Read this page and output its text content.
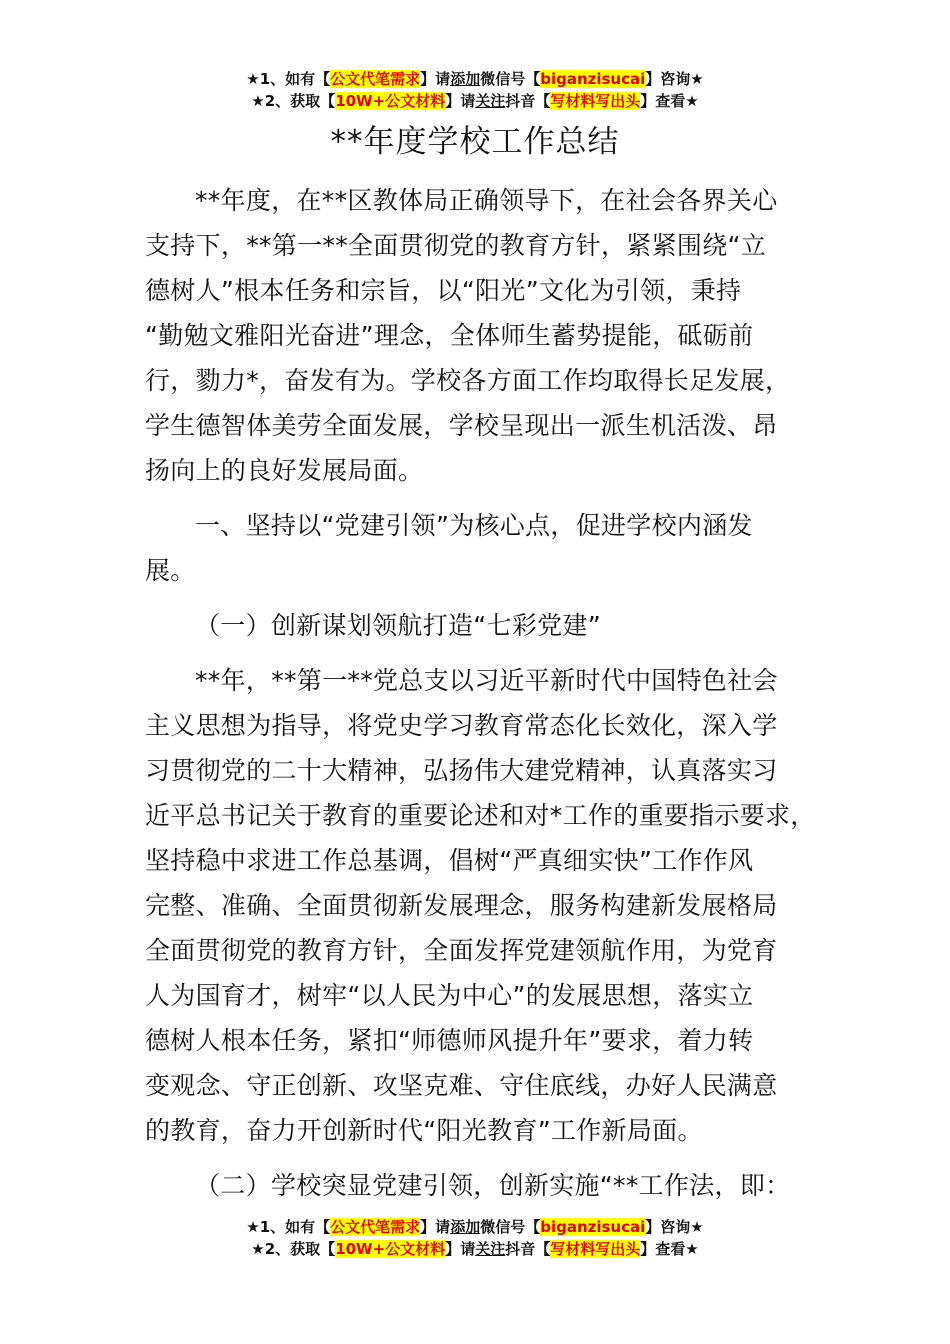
★1、如有【公文代笔需求】请添加微信号【biganzisucai】咨询★
★2、获取【10W+公文材料】请关注抖音【写材料写出头】查看★
**年度学校工作总结

**年度，在**区教体局正确领导下，在社会各界关心
支持下，**第一**全面贯彻党的教育方针，紧紧围绕“立
德树人”根本任务和宗旨，以“阳光”文化为引领，秉持
“勤勉文雅阳光奋进”理念，全体师生蓄势提能，砥砺前
行，勠力*，奋发有为。学校各方面工作均取得长足发展，
学生德智体美劳全面发展，学校呈现出一派生机活泼、昂
扬向上的良好发展局面。

一、坚持以“党建引领”为核心点，促进学校内涵发
展。

（一）创新谋划领航打造“七彩党建”

**年，**第一**党总支以习近平新时代中国特色社会
主义思想为指导，将党史学习教育常态化长效化，深入学
习贯彻党的二十大精神，弘扬伟大建党精神，认真落实习
近平总书记关于教育的重要论述和对*工作的重要指示要求，
坚持稳中求进工作总基调，倡树“严真细实快”工作作风
完整、准确、全面贯彻新发展理念，服务构建新发展格局
全面贯彻党的教育方针，全面发挥党建领航作用，为党育
人为国育才，树牢“以人民为中心”的发展思想，落实立
德树人根本任务，紧扣“师德师风提升年”要求，着力转
变观念、守正创新、攻坚克难、守住底线，办好人民满意
的教育，奋力开创新时代“阳光教育”工作新局面。

（二）学校突显党建引领，创新实施“**工作法，即：

★1、如有【公文代笔需求】请添加微信号【biganzisucai】咨询★
★2、获取【10W+公文材料】请关注抖音【写材料写出头】查看★
